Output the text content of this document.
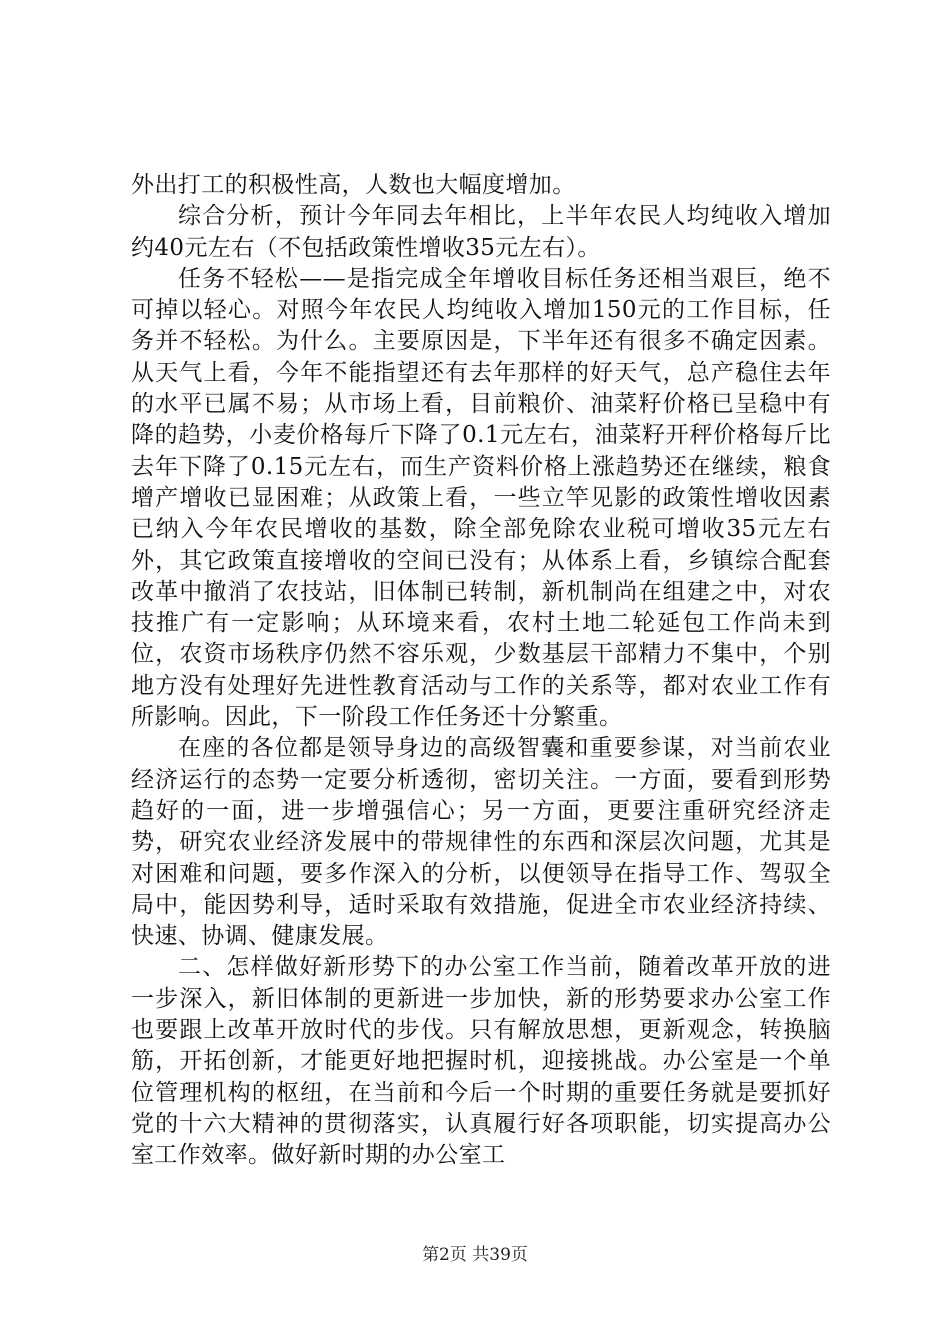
外出打工的积极性高，人数也大幅度增加。

综合分析，预计今年同去年相比，上半年农民人均纯收入增加约40元左右（不包括政策性增收35元左右）。

任务不轻松——是指完成全年增收目标任务还相当艰巨，绝不可掉以轻心。对照今年农民人均纯收入增加150元的工作目标，任务并不轻松。为什么。主要原因是，下半年还有很多不确定因素。从天气上看，今年不能指望还有去年那样的好天气，总产稳住去年的水平已属不易；从市场上看，目前粮价、油菜籽价格已呈稳中有降的趋势，小麦价格每斤下降了0.1元左右，油菜籽开秤价格每斤比去年下降了0.15元左右，而生产资料价格上涨趋势还在继续，粮食增产增收已显困难；从政策上看，一些立竿见影的政策性增收因素已纳入今年农民增收的基数，除全部免除农业税可增收35元左右外，其它政策直接增收的空间已没有；从体系上看，乡镇综合配套改革中撤消了农技站，旧体制已转制，新机制尚在组建之中，对农技推广有一定影响；从环境来看，农村土地二轮延包工作尚未到位，农资市场秩序仍然不容乐观，少数基层干部精力不集中，个别地方没有处理好先进性教育活动与工作的关系等，都对农业工作有所影响。因此，下一阶段工作任务还十分繁重。

在座的各位都是领导身边的高级智囊和重要参谋，对当前农业经济运行的态势一定要分析透彻，密切关注。一方面，要看到形势趋好的一面，进一步增强信心；另一方面，更要注重研究经济走势，研究农业经济发展中的带规律性的东西和深层次问题，尤其是对困难和问题，要多作深入的分析，以便领导在指导工作、驾驭全局中，能因势利导，适时采取有效措施，促进全市农业经济持续、快速、协调、健康发展。

二、怎样做好新形势下的办公室工作当前，随着改革开放的进一步深入，新旧体制的更新进一步加快，新的形势要求办公室工作也要跟上改革开放时代的步伐。只有解放思想，更新观念，转换脑筋，开拓创新，才能更好地把握时机，迎接挑战。办公室是一个单位管理机构的枢纽，在当前和今后一个时期的重要任务就是要抓好党的十六大精神的贯彻落实，认真履行好各项职能，切实提高办公室工作效率。做好新时期的办公室工

第2页 共39页
